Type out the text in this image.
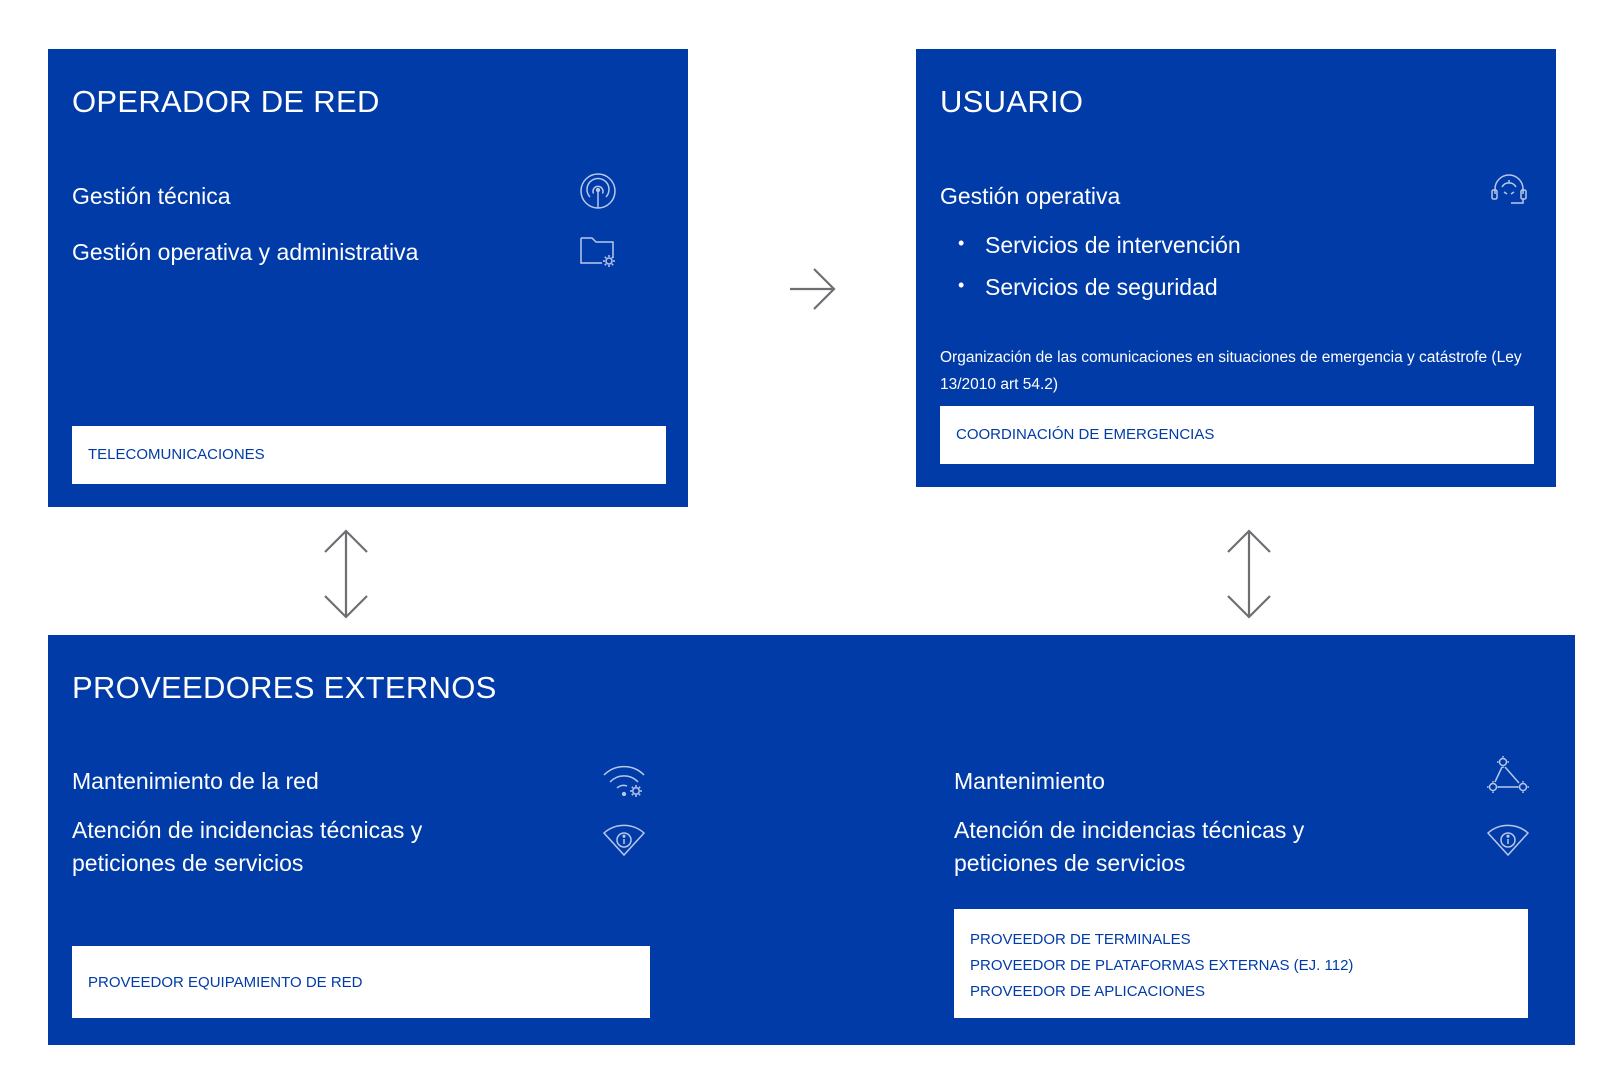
OPERADOR DE RED
Gestión técnica
Gestión operativa y administrativa
TELECOMUNICACIONES
USUARIO
Gestión operativa
• Servicios de intervención
• Servicios de seguridad
Organización de las comunicaciones en situaciones de emergencia y catástrofe (Ley 13/2010 art 54.2)
COORDINACIÓN DE EMERGENCIAS
PROVEEDORES EXTERNOS
Mantenimiento de la red
Atención de incidencias técnicas y peticiones de servicios
PROVEEDOR EQUIPAMIENTO DE RED
Mantenimiento
Atención de incidencias técnicas y peticiones de servicios
PROVEEDOR DE TERMINALES
PROVEEDOR DE PLATAFORMAS EXTERNAS (EJ. 112)
PROVEEDOR DE APLICACIONES
